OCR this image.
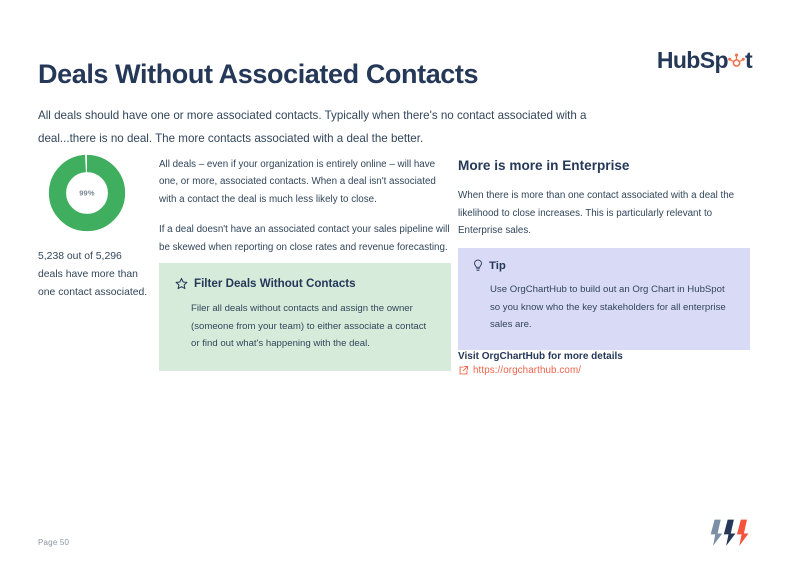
Deals Without Associated Contacts	HubSp t

All deals should have one or more associated contacts. Typically when there's no contact associated with a deal...there is no deal. The more contacts associated with a deal the better.

99%
5,238 out of 5,296 deals have more than one contact associated.

All deals – even if your organization is entirely online – will have one, or more, associated contacts. When a deal isn't associated with a contact the deal is much less likely to close.

If a deal doesn't have an associated contact your sales pipeline will be skewed when reporting on close rates and revenue forecasting.

Filter Deals Without Contacts
Filer all deals without contacts and assign the owner (someone from your team) to either associate a contact or find out what's happening with the deal.
More is more in Enterprise

When there is more than one contact associated with a deal the likelihood to close increases. This is particularly relevant to Enterprise sales.

Tip
Use OrgChartHub to build out an Org Chart in HubSpot so you know who the key stakeholders for all enterprise sales are.
Visit OrgChartHub for more details
https://orgcharthub.com/
Page 50
